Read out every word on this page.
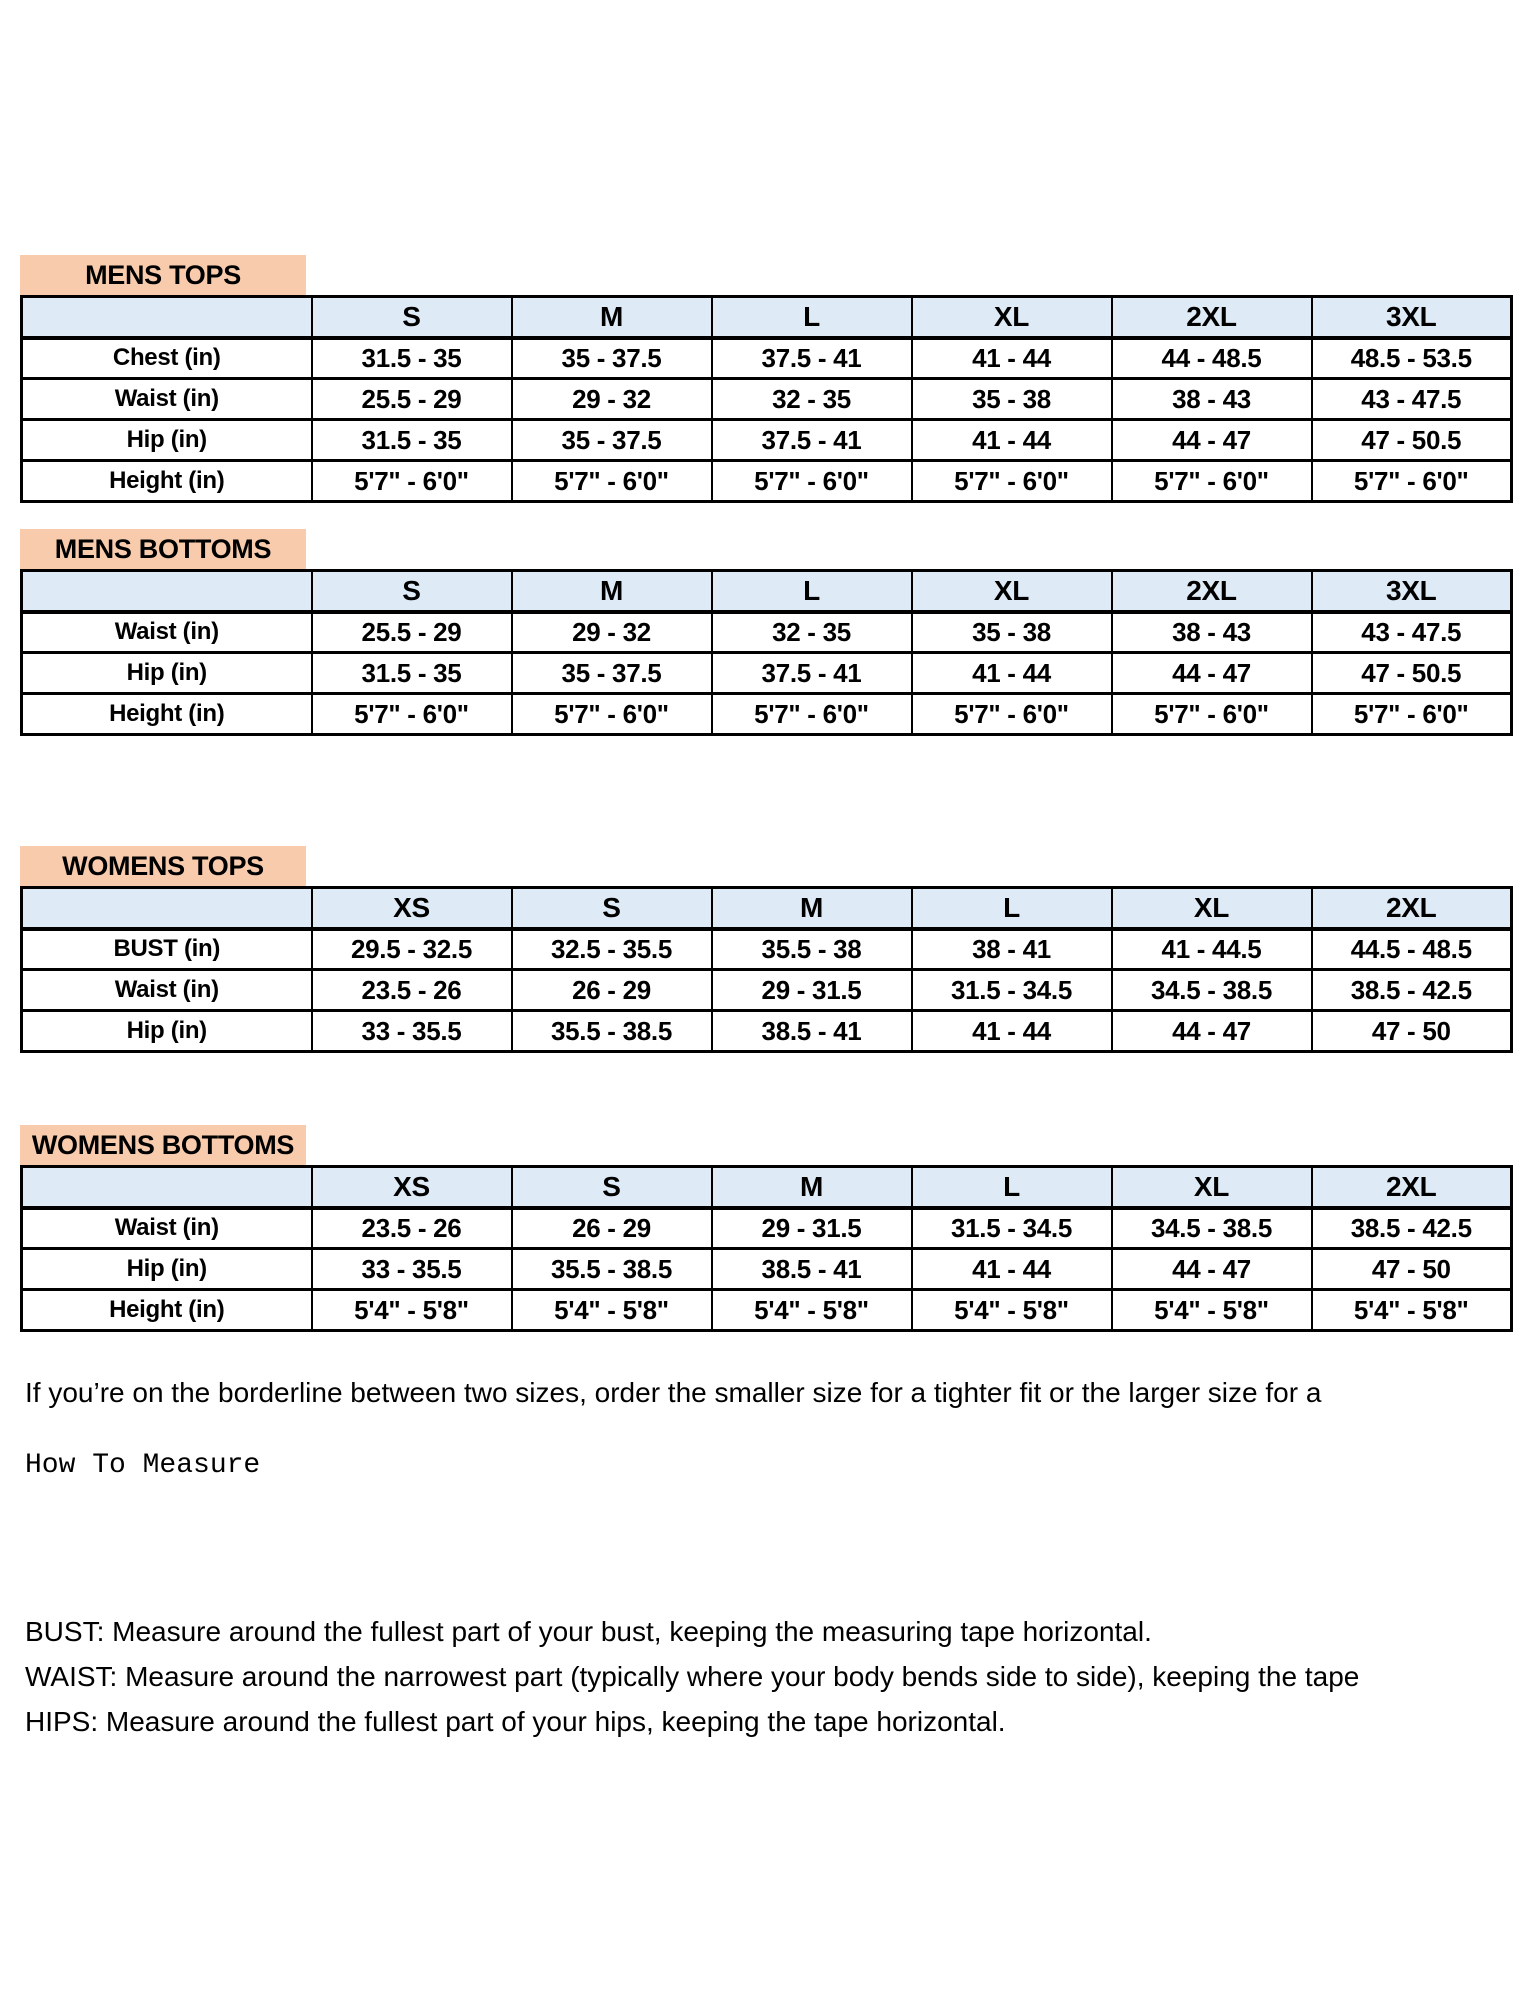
MENS TOPS
	S	M	L	XL	2XL	3XL
Chest (in)	31.5 - 35	35 - 37.5	37.5 - 41	41 - 44	44 - 48.5	48.5 - 53.5
Waist (in)	25.5 - 29	29 - 32	32 - 35	35 - 38	38 - 43	43 - 47.5
Hip (in)	31.5 - 35	35 - 37.5	37.5 - 41	41 - 44	44 - 47	47 - 50.5
Height (in)	5'7" - 6'0"	5'7" - 6'0"	5'7" - 6'0"	5'7" - 6'0"	5'7" - 6'0"	5'7" - 6'0"
MENS BOTTOMS
	S	M	L	XL	2XL	3XL
Waist (in)	25.5 - 29	29 - 32	32 - 35	35 - 38	38 - 43	43 - 47.5
Hip (in)	31.5 - 35	35 - 37.5	37.5 - 41	41 - 44	44 - 47	47 - 50.5
Height (in)	5'7" - 6'0"	5'7" - 6'0"	5'7" - 6'0"	5'7" - 6'0"	5'7" - 6'0"	5'7" - 6'0"
WOMENS TOPS
	XS	S	M	L	XL	2XL
BUST (in)	29.5 - 32.5	32.5 - 35.5	35.5 - 38	38 - 41	41 - 44.5	44.5 - 48.5
Waist (in)	23.5 - 26	26 - 29	29 - 31.5	31.5 - 34.5	34.5 - 38.5	38.5 - 42.5
Hip (in)	33 - 35.5	35.5 - 38.5	38.5 - 41	41 - 44	44 - 47	47 - 50
WOMENS BOTTOMS
	XS	S	M	L	XL	2XL
Waist (in)	23.5 - 26	26 - 29	29 - 31.5	31.5 - 34.5	34.5 - 38.5	38.5 - 42.5
Hip (in)	33 - 35.5	35.5 - 38.5	38.5 - 41	41 - 44	44 - 47	47 - 50
Height (in)	5'4" - 5'8"	5'4" - 5'8"	5'4" - 5'8"	5'4" - 5'8"	5'4" - 5'8"	5'4" - 5'8"

If you’re on the borderline between two sizes, order the smaller size for a tighter fit or the larger size for a

How To Measure

BUST: Measure around the fullest part of your bust, keeping the measuring tape horizontal.

WAIST: Measure around the narrowest part (typically where your body bends side to side), keeping the tape

HIPS: Measure around the fullest part of your hips, keeping the tape horizontal.
